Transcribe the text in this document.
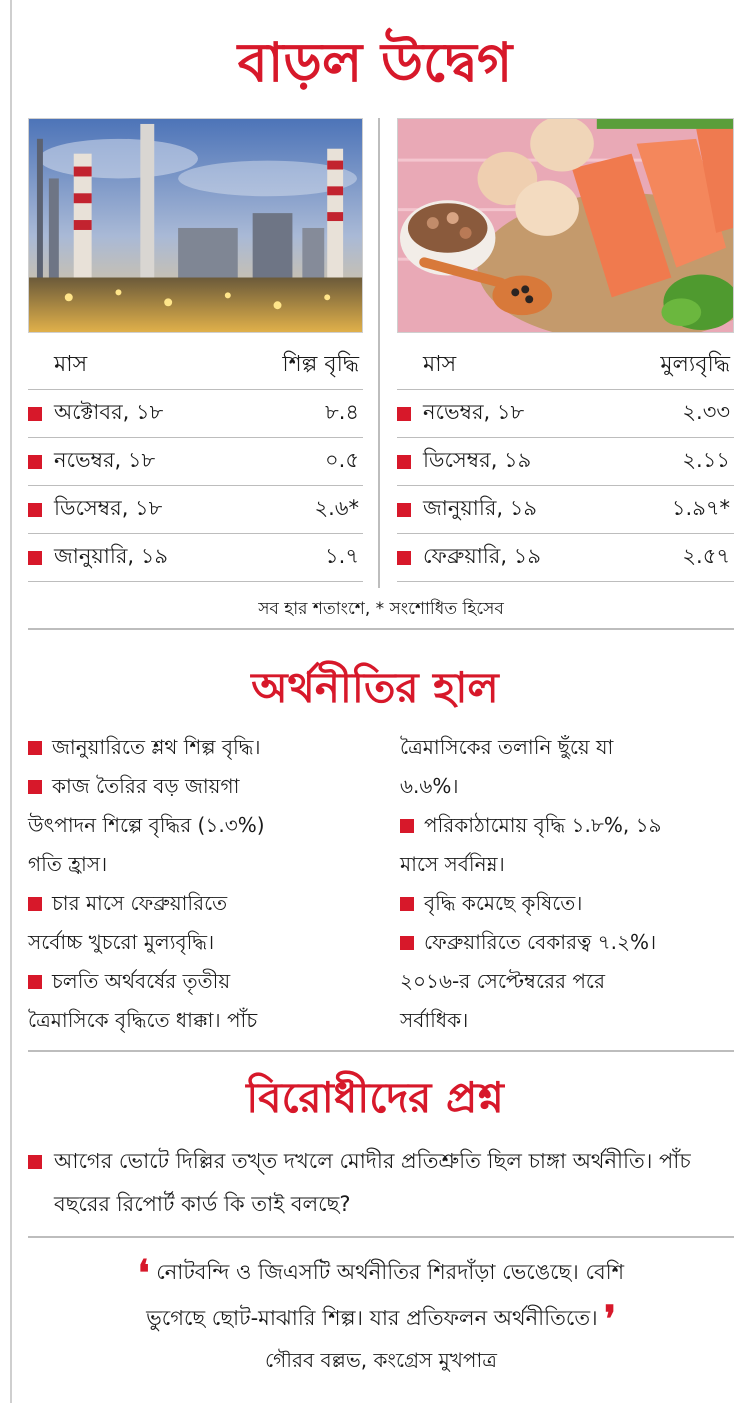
বাড়ল উদ্বেগ
মাস	শিল্প বৃদ্ধি
অক্টোবর, ১৮	৮.৪
নভেম্বর, ১৮	০.৫
ডিসেম্বর, ১৮	২.৬*
জানুয়ারি, ১৯	১.৭
মাস	মুল্যবৃদ্ধি
নভেম্বর, ১৮	২.৩৩
ডিসেম্বর, ১৯	২.১১
জানুয়ারি, ১৯	১.৯৭*
ফেব্রুয়ারি, ১৯	২.৫৭
সব হার শতাংশে, * সংশোধিত হিসেব
অর্থনীতির হাল
জানুয়ারিতে শ্লথ শিল্প বৃদ্ধি।
কাজ তৈরির বড় জায়গা
উৎপাদন শিল্পে বৃদ্ধির (১.৩%)
গতি হ্রাস।
চার মাসে ফেব্রুয়ারিতে
সর্বোচ্চ খুচরো মুল্যবৃদ্ধি।
চলতি অর্থবর্ষের তৃতীয়
ত্রৈমাসিকে বৃদ্ধিতে ধাক্কা। পাঁচ
ত্রৈমাসিকের তলানি ছুঁয়ে যা
৬.৬%।
পরিকাঠামোয় বৃদ্ধি ১.৮%, ১৯
মাসে সর্বনিম্ন।
বৃদ্ধি কমেছে কৃষিতে।
ফেব্রুয়ারিতে বেকারত্ব ৭.২%।
২০১৬-র সেপ্টেম্বরের পরে
সর্বাধিক।
বিরোধীদের প্রশ্ন
আগের ভোটে দিল্লির তখ্‌ত দখলে মোদীর প্রতিশ্রুতি ছিল চাঙ্গা অর্থনীতি। পাঁচ বছরের রিপোর্ট কার্ড কি তাই বলছে?
❛ নোটবন্দি ও জিএসটি অর্থনীতির শিরদাঁড়া ভেঙেছে। বেশি
ভুগেছে ছোট-মাঝারি শিল্প। যার প্রতিফলন অর্থনীতিতে। ❜
গৌরব বল্লভ, কংগ্রেস মুখপাত্র
